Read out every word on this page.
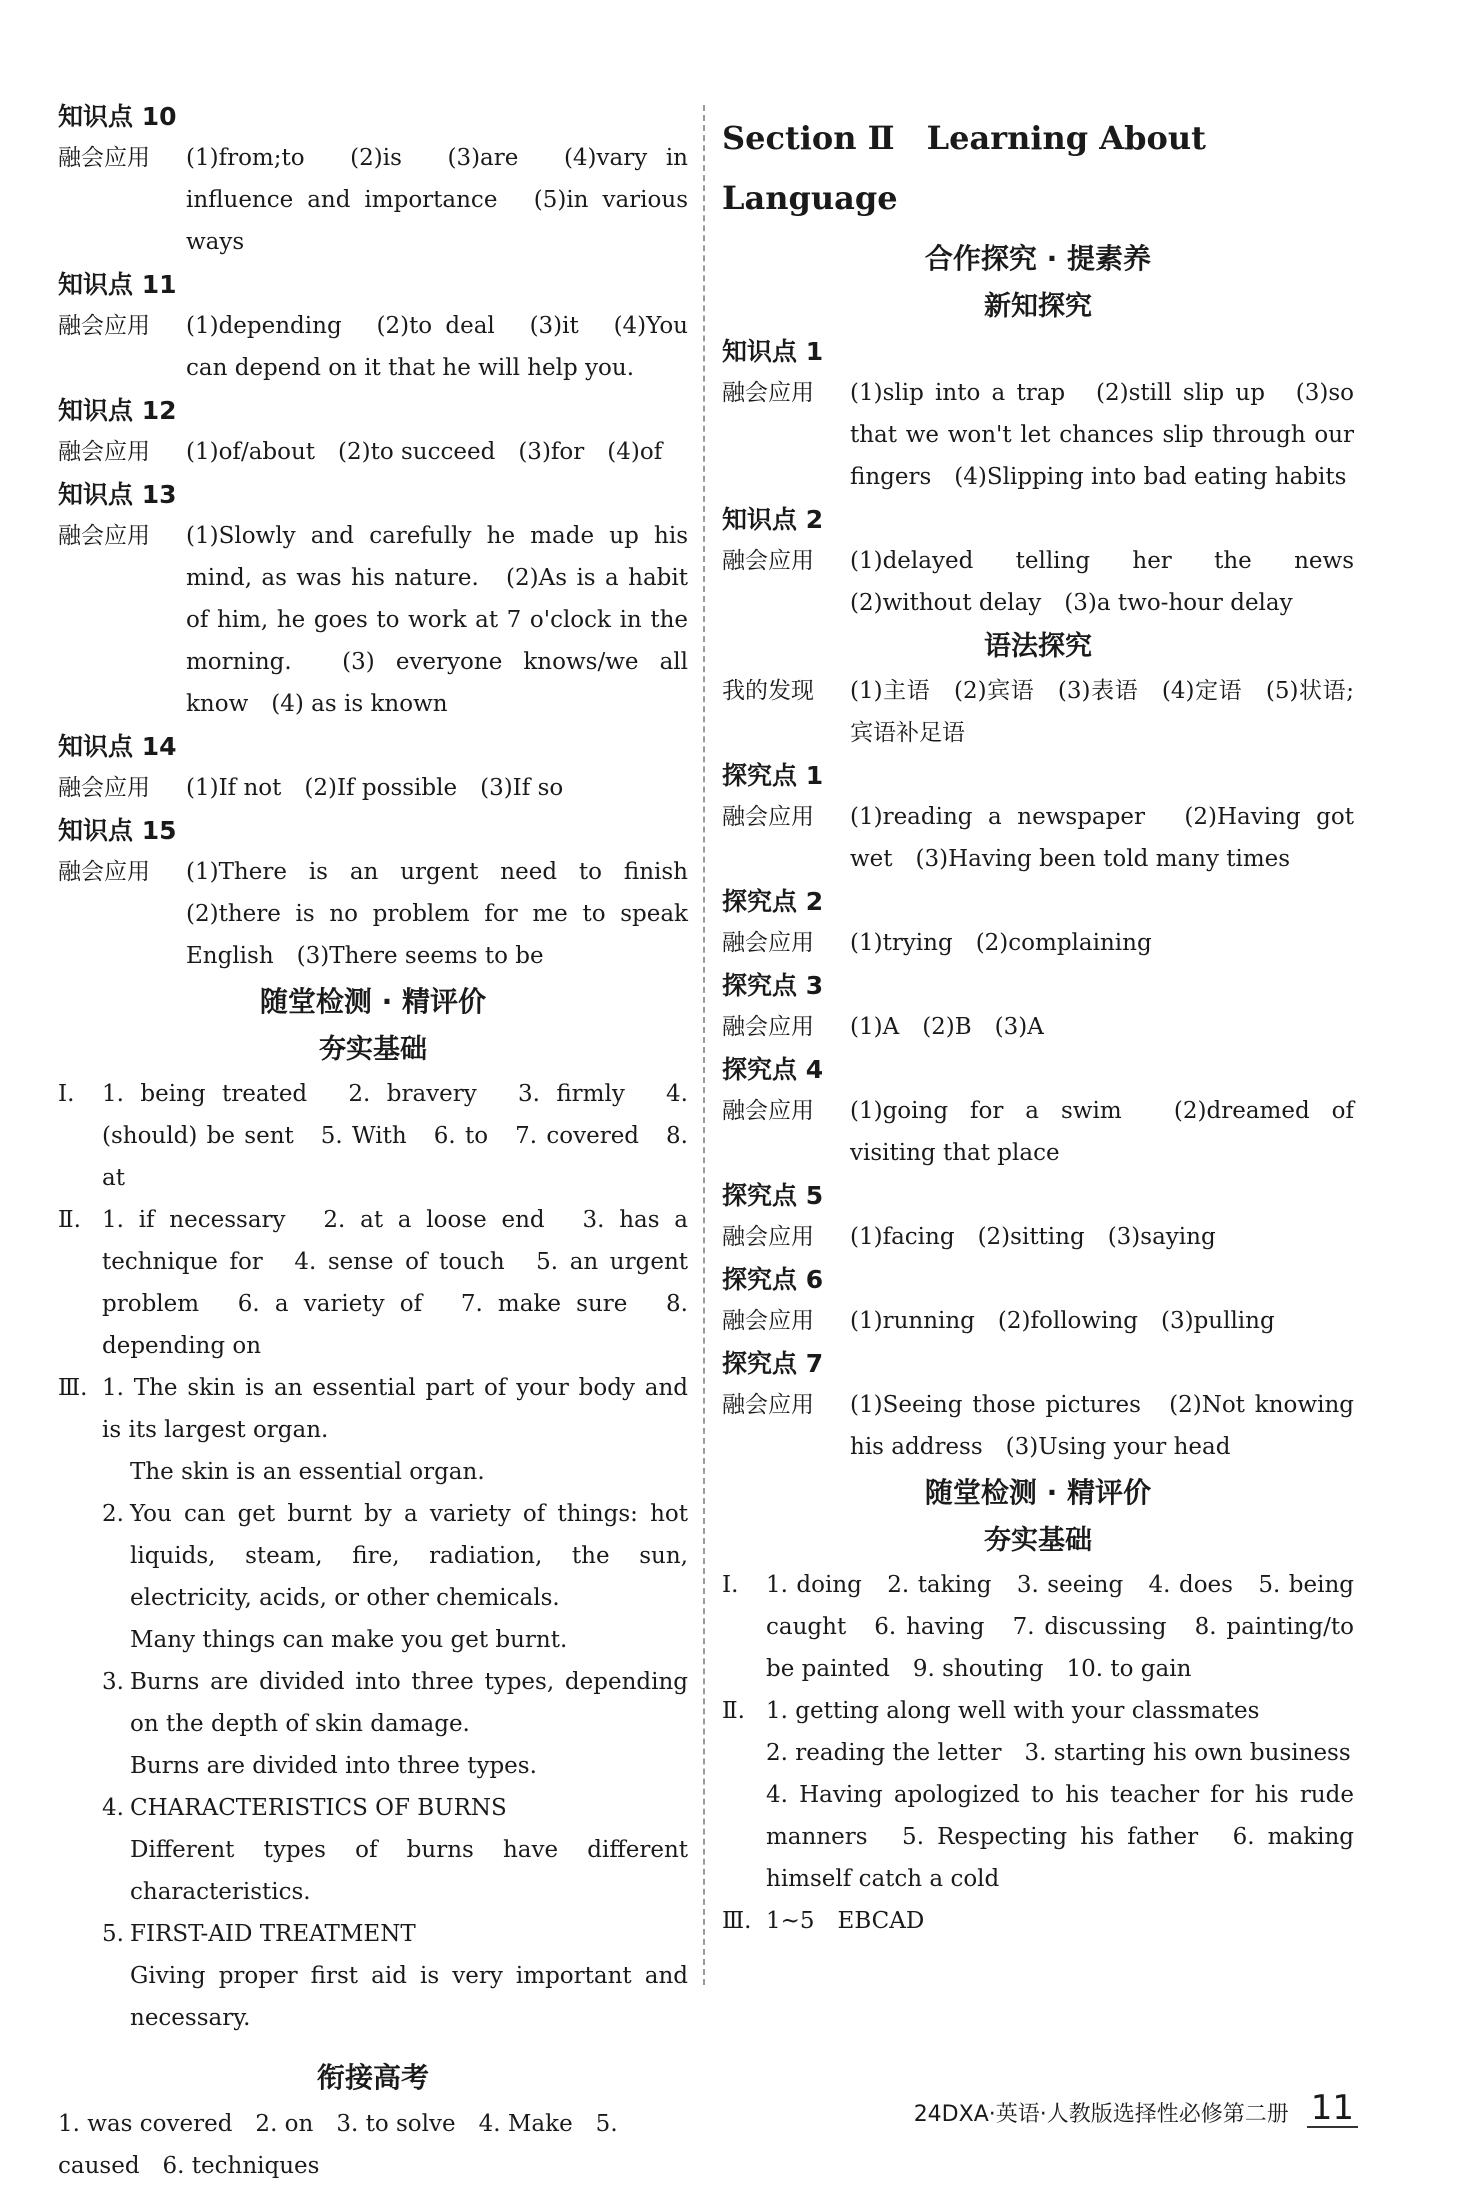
知识点 10
融会应用	(1)from;to　(2)is　(3)are　(4)vary in influence and importance　(5)in various ways
知识点 11
融会应用	(1)depending　(2)to deal　(3)it　(4)You can depend on it that he will help you.
知识点 12
融会应用	(1)of/about　(2)to succeed　(3)for　(4)of
知识点 13
融会应用	(1)Slowly and carefully he made up his mind, as was his nature.　(2)As is a habit of him, he goes to work at 7 o'clock in the morning.　(3) everyone knows/we all know　(4) as is known
知识点 14
融会应用	(1)If not　(2)If possible　(3)If so
知识点 15
融会应用	(1)There is an urgent need to finish　(2)there is no problem for me to speak English　(3)There seems to be
随堂检测 · 精评价
夯实基础
Ⅰ.	1. being treated　2. bravery　3. firmly　4. (should) be sent　5. With　6. to　7. covered　8. at
Ⅱ. 1. if necessary　2. at a loose end　3. has a technique for　4. sense of touch　5. an urgent problem　6. a variety of　7. make sure　8. depending on
Ⅲ. 1. The skin is an essential part of your body and is its largest organ.
The skin is an essential organ.
2. You can get burnt by a variety of things: hot liquids, steam, fire, radiation, the sun, electricity, acids, or other chemicals.
Many things can make you get burnt.
3. Burns are divided into three types, depending on the depth of skin damage.
Burns are divided into three types.
4. CHARACTERISTICS OF BURNS
Different types of burns have different characteristics.
5. FIRST-AID TREATMENT
Giving proper first aid is very important and necessary.
衔接高考
1. was covered　2. on　3. to solve　4. Make　5. caused　6. techniques
Section Ⅱ　Learning About Language
合作探究 · 提素养
新知探究
知识点 1
融会应用	(1)slip into a trap　(2)still slip up　(3)so that we won't let chances slip through our fingers　(4)Slipping into bad eating habits
知识点 2
融会应用	(1)delayed telling her the news　(2)without delay　(3)a two-hour delay
语法探究
我的发现	(1)主语　(2)宾语　(3)表语　(4)定语　(5)状语;宾语补足语
探究点 1
融会应用	(1)reading a newspaper　(2)Having got wet　(3)Having been told many times
探究点 2
融会应用	(1)trying　(2)complaining
探究点 3
融会应用	(1)A　(2)B　(3)A
探究点 4
融会应用	(1)going for a swim　(2)dreamed of visiting that place
探究点 5
融会应用	(1)facing　(2)sitting　(3)saying
探究点 6
融会应用	(1)running　(2)following　(3)pulling
探究点 7
融会应用	(1)Seeing those pictures　(2)Not knowing his address　(3)Using your head
随堂检测 · 精评价
夯实基础
Ⅰ.	1. doing　2. taking　3. seeing　4. does　5. being caught　6. having　7. discussing　8. painting/to be painted　9. shouting　10. to gain
Ⅱ. 1. getting along well with your classmates
2. reading the letter　3. starting his own business
4. Having apologized to his teacher for his rude manners　5. Respecting his father　6. making himself catch a cold
Ⅲ. 1~5　EBCAD
24DXA·英语·人教版选择性必修第二册 11
